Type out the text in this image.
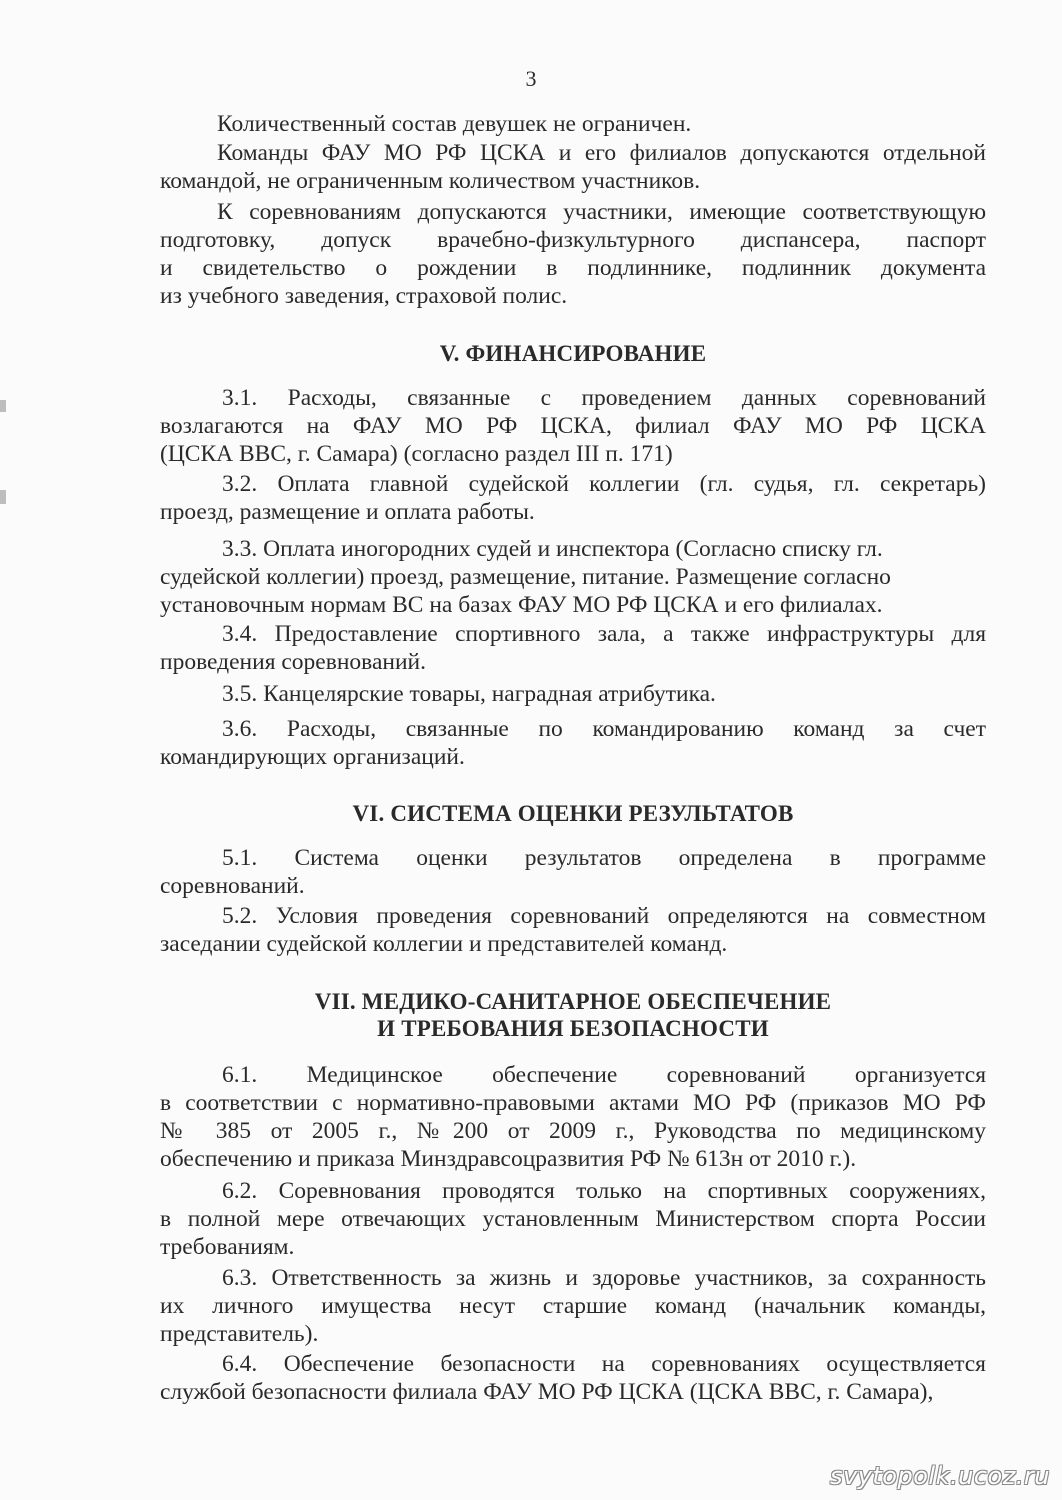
3
Количественный состав девушек не ограничен.
Команды ФАУ МО РФ ЦСКА и его филиалов допускаются отдельной
командой, не ограниченным количеством участников.
К соревнованиям допускаются участники, имеющие соответствующую
подготовку, допуск врачебно-физкультурного диспансера, паспорт
и свидетельство о рождении в подлиннике, подлинник документа
из учебного заведения, страховой полис.
V. ФИНАНСИРОВАНИЕ
3.1. Расходы, связанные с проведением данных соревнований
возлагаются на ФАУ МО РФ ЦСКА, филиал ФАУ МО РФ ЦСКА
(ЦСКА ВВС, г. Самара) (согласно раздел III п. 171)
3.2. Оплата главной судейской коллегии (гл. судья, гл. секретарь)
проезд, размещение и оплата работы.
3.3. Оплата иногородних судей и инспектора (Согласно списку гл.
судейской коллегии) проезд, размещение, питание. Размещение согласно
установочным нормам ВС на базах ФАУ МО РФ ЦСКА и его филиалах.
3.4. Предоставление спортивного зала, а также инфраструктуры для
проведения соревнований.
3.5. Канцелярские товары, наградная атрибутика.
3.6. Расходы, связанные по командированию команд за счет
командирующих организаций.
VI. СИСТЕМА ОЦЕНКИ РЕЗУЛЬТАТОВ
5.1. Система оценки результатов определена в программе
соревнований.
5.2. Условия проведения соревнований определяются на совместном
заседании судейской коллегии и представителей команд.
VII. МЕДИКО-САНИТАРНОЕ ОБЕСПЕЧЕНИЕ
И ТРЕБОВАНИЯ БЕЗОПАСНОСТИ
6.1. Медицинское обеспечение соревнований организуется
в соответствии с нормативно-правовыми актами МО РФ (приказов МО РФ
№ 385 от 2005 г., №200 от 2009 г., Руководства по медицинскому
обеспечению и приказа Минздравсоцразвития РФ № 613н от 2010 г.).
6.2. Соревнования проводятся только на спортивных сооружениях,
в полной мере отвечающих установленным Министерством спорта России
требованиям.
6.3. Ответственность за жизнь и здоровье участников, за сохранность
их личного имущества несут старшие команд (начальник команды,
представитель).
6.4. Обеспечение безопасности на соревнованиях осуществляется
службой безопасности филиала ФАУ МО РФ ЦСКА (ЦСКА ВВС, г. Самара),
svytopolk.ucoz.ru
